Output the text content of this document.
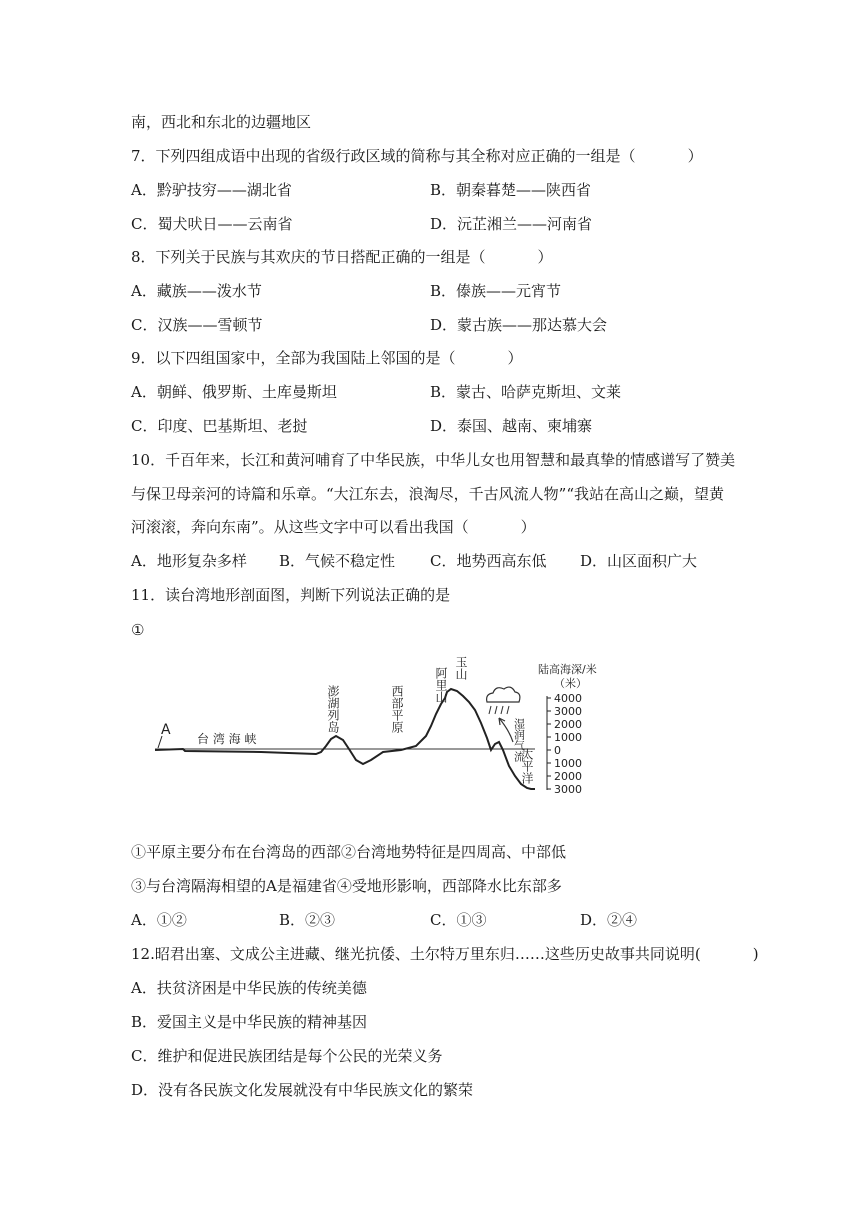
南，西北和东北的边疆地区
7．下列四组成语中出现的省级行政区域的简称与其全称对应正确的一组是（	）
A．黔驴技穷——湖北省	B．朝秦暮楚——陕西省
C．蜀犬吠日——云南省	D．沅芷湘兰——河南省
8．下列关于民族与其欢庆的节日搭配正确的一组是（	）
A．藏族——泼水节	B．傣族——元宵节
C．汉族——雪顿节	D．蒙古族——那达慕大会
9．以下四组国家中，全部为我国陆上邻国的是（	）
A．朝鲜、俄罗斯、土库曼斯坦	B．蒙古、哈萨克斯坦、文莱
C．印度、巴基斯坦、老挝	D．泰国、越南、柬埔寨
10．千百年来，长江和黄河哺育了中华民族，中华儿女也用智慧和最真挚的情感谱写了赞美
与保卫母亲河的诗篇和乐章。“大江东去，浪淘尽，千古风流人物”“我站在高山之巅，望黄
河滚滚，奔向东南”。从这些文字中可以看出我国（	）
A．地形复杂多样 B．气候不稳定性 C．地势西高东低 D．山区面积广大
11．读台湾地形剖面图，判断下列说法正确的是
①
A
台 湾 海 峡
澎湖列岛	西部平原	阿里山 玉山
湿润气流
太平洋
4000
3000
2000
1000
0
1000
2000
3000
陆高海深/米
（米）
①平原主要分布在台湾岛的西部②台湾地势特征是四周高、中部低
③与台湾隔海相望的A是福建省④受地形影响，西部降水比东部多
A．①②	B．②③	C．①③	D．②④
12.昭君出塞、文成公主进藏、继光抗倭、土尔特万里东归……这些历史故事共同说明(	)
A．扶贫济困是中华民族的传统美德
B．爱国主义是中华民族的精神基因
C．维护和促进民族团结是每个公民的光荣义务
D．没有各民族文化发展就没有中华民族文化的繁荣
